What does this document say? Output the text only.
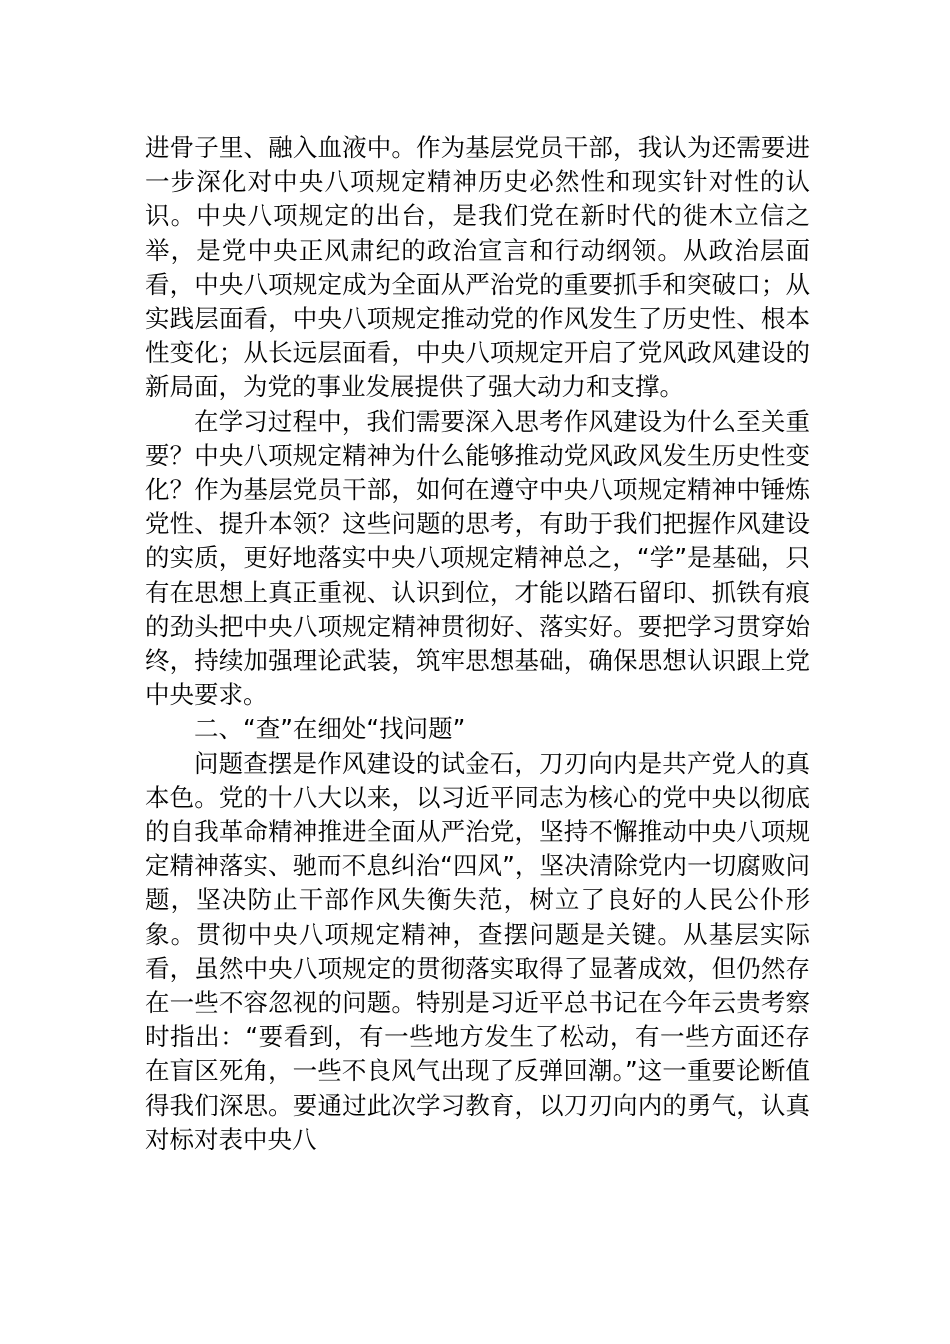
进骨子里、融入血液中。作为基层党员干部，我认为还需要进一步深化对中央八项规定精神历史必然性和现实针对性的认识。中央八项规定的出台，是我们党在新时代的徙木立信之举，是党中央正风肃纪的政治宣言和行动纲领。从政治层面看，中央八项规定成为全面从严治党的重要抓手和突破口；从实践层面看，中央八项规定推动党的作风发生了历史性、根本性变化；从长远层面看，中央八项规定开启了党风政风建设的新局面，为党的事业发展提供了强大动力和支撑。

在学习过程中，我们需要深入思考作风建设为什么至关重要？中央八项规定精神为什么能够推动党风政风发生历史性变化？作为基层党员干部，如何在遵守中央八项规定精神中锤炼党性、提升本领？这些问题的思考，有助于我们把握作风建设的实质，更好地落实中央八项规定精神总之，“学”是基础，只有在思想上真正重视、认识到位，才能以踏石留印、抓铁有痕的劲头把中央八项规定精神贯彻好、落实好。要把学习贯穿始终，持续加强理论武装，筑牢思想基础，确保思想认识跟上党中央要求。

二、“查”在细处“找问题”

问题查摆是作风建设的试金石，刀刃向内是共产党人的真本色。党的十八大以来，以习近平同志为核心的党中央以彻底的自我革命精神推进全面从严治党，坚持不懈推动中央八项规定精神落实、驰而不息纠治“四风”，坚决清除党内一切腐败问题，坚决防止干部作风失衡失范，树立了良好的人民公仆形象。贯彻中央八项规定精神，查摆问题是关键。从基层实际看，虽然中央八项规定的贯彻落实取得了显著成效，但仍然存在一些不容忽视的问题。特别是习近平总书记在今年云贵考察时指出：“要看到，有一些地方发生了松动，有一些方面还存在盲区死角，一些不良风气出现了反弹回潮。”这一重要论断值得我们深思。要通过此次学习教育，以刀刃向内的勇气，认真对标对表中央八
